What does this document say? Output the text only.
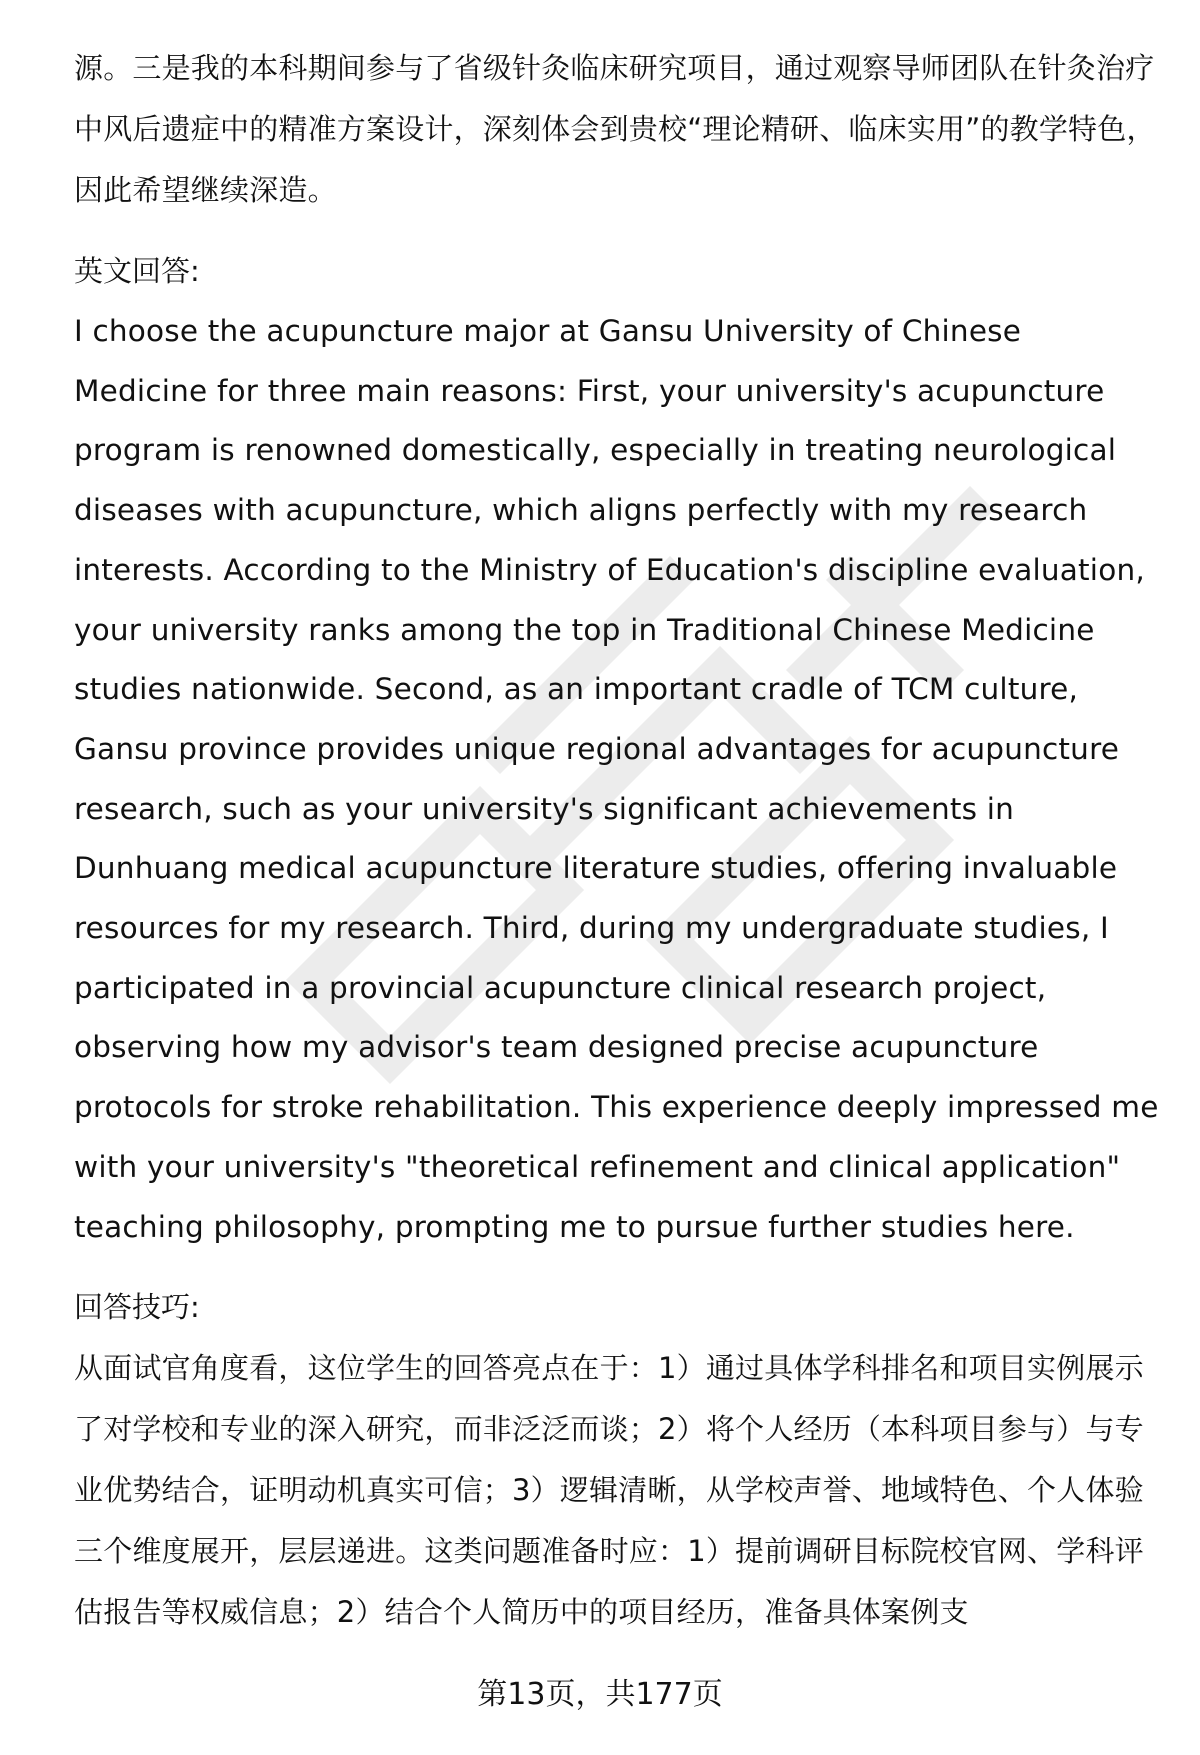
源。三是我的本科期间参与了省级针灸临床研究项目，通过观察导师团队在针灸治疗中风后遗症中的精准方案设计，深刻体会到贵校“理论精研、临床实用”的教学特色，因此希望继续深造。

英文回答:

I choose the acupuncture major at Gansu University of Chinese Medicine for three main reasons: First, your university's acupuncture program is renowned domestically, especially in treating neurological diseases with acupuncture, which aligns perfectly with my research interests. According to the Ministry of Education's discipline evaluation, your university ranks among the top in Traditional Chinese Medicine studies nationwide. Second, as an important cradle of TCM culture, Gansu province provides unique regional advantages for acupuncture research, such as your university's significant achievements in Dunhuang medical acupuncture literature studies, offering invaluable resources for my research. Third, during my undergraduate studies, I participated in a provincial acupuncture clinical research project, observing how my advisor's team designed precise acupuncture protocols for stroke rehabilitation. This experience deeply impressed me with your university's "theoretical refinement and clinical application" teaching philosophy, prompting me to pursue further studies here.

回答技巧:

从面试官角度看，这位学生的回答亮点在于：1）通过具体学科排名和项目实例展示了对学校和专业的深入研究，而非泛泛而谈；2）将个人经历（本科项目参与）与专业优势结合，证明动机真实可信；3）逻辑清晰，从学校声誉、地域特色、个人体验三个维度展开，层层递进。这类问题准备时应：1）提前调研目标院校官网、学科评估报告等权威信息；2）结合个人简历中的项目经历，准备具体案例支

第13页，共177页
